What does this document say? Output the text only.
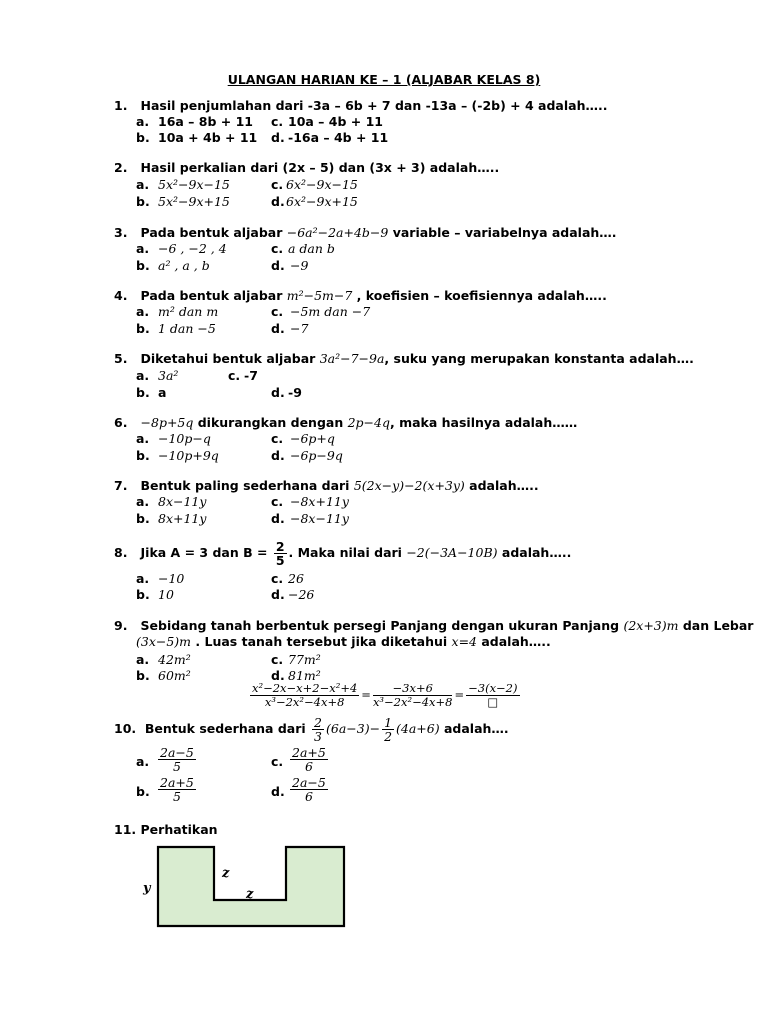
ULANGAN HARIAN KE – 1 (ALJABAR KELAS 8)
1. Hasil penjumlahan dari -3a – 6b + 7 dan -13a – (-2b) + 4 adalah…..
a. 16a – 8b + 11 c. 10a – 4b + 11
b. 10a + 4b + 11 d. -16a – 4b + 11
2. Hasil perkalian dari (2x – 5) dan (3x + 3) adalah…..
a. 5x²−9x−15	c. 6x²−9x−15
b. 5x²−9x+15	d. 6x²−9x+15
3. Pada bentuk aljabar −6a²−2a+4b−9 variable – variabelnya adalah….
a. −6 , −2 , 4	c. a dan b
b. a² , a , b	d. −9
4. Pada bentuk aljabar m²−5m−7 , koefisien – koefisiennya adalah…..
a. m² dan m	c. −5m dan −7
b. 1 dan −5	d. −7
5. Diketahui bentuk aljabar 3a²−7−9a, suku yang merupakan konstanta adalah….
a. 3a²	c. -7
b. a	d. -9
6. −8p+5q dikurangkan dengan 2p−4q, maka hasilnya adalah……
a. −10p−q	c. −6p+q
b. −10p+9q	d. −6p−9q
7. Bentuk paling sederhana dari 5(2x−y)−2(x+3y) adalah…..
a. 8x−11y	c. −8x+11y
b. 8x+11y	d. −8x−11y
8. Jika A = 3 dan $B = \frac{2}{5}$ . Maka nilai dari −2(−3A−10B) adalah…..
a. −10	c. 26
b. 10	d. −26
9. Sebidang tanah berbentuk persegi Panjang dengan ukuran Panjang (2x+3)m dan Lebar
(3x−5)m . Luas tanah tersebut jika diketahui x=4 adalah…..
a. 42m²	c. 77m²
b. 60m²	d. 81m²
$\frac{\text{x²−2x−x+2−x²+4}}{\text{x³−2x²−4x+8}} = \frac{-3x+6}{\text{x³−2x²−4x+8}} = \frac{-3(x-2)}{□}$
10. Bentuk sederhana dari $\frac{2}{3} (6a-3)- \frac{1}{2} (4a+6)$ adalah….
a. $\frac{2a-5}{5}$	c. $\frac{2a+5}{6}$
b. $\frac{2a+5}{5}$	d. $\frac{2a-5}{6}$
11. Perhatikan
y
z
z
